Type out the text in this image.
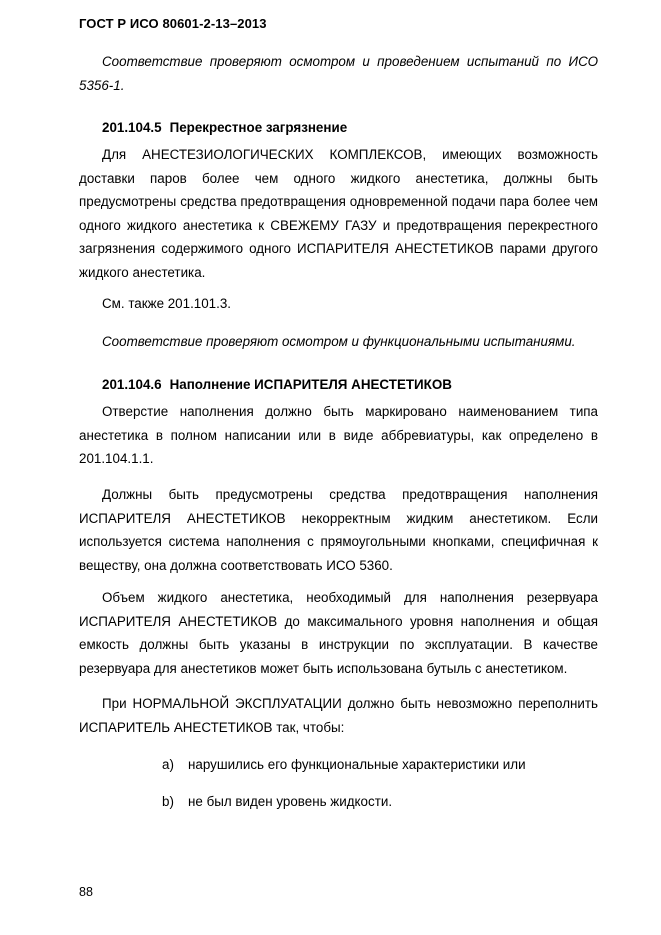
ГОСТ Р ИСО 80601-2-13–2013

Соответствие проверяют осмотром и проведением испытаний по ИСО 5356-1.

201.104.5 Перекрестное загрязнение

Для АНЕСТЕЗИОЛОГИЧЕСКИХ КОМПЛЕКСОВ, имеющих возможность доставки паров более чем одного жидкого анестетика, должны быть предусмотрены средства предотвращения одновременной подачи пара более чем одного жидкого анестетика к СВЕЖЕМУ ГАЗУ и предотвращения перекрестного загрязнения содержимого одного ИСПАРИТЕЛЯ АНЕСТЕТИКОВ парами другого жидкого анестетика.

См. также 201.101.3.

Соответствие проверяют осмотром и функциональными испытаниями.

201.104.6 Наполнение ИСПАРИТЕЛЯ АНЕСТЕТИКОВ

Отверстие наполнения должно быть маркировано наименованием типа анестетика в полном написании или в виде аббревиатуры, как определено в 201.104.1.1.

Должны быть предусмотрены средства предотвращения наполнения ИСПАРИТЕЛЯ АНЕСТЕТИКОВ некорректным жидким анестетиком. Если используется система наполнения с прямоугольными кнопками, специфичная к веществу, она должна соответствовать ИСО 5360.

Объем жидкого анестетика, необходимый для наполнения резервуара ИСПАРИТЕЛЯ АНЕСТЕТИКОВ до максимального уровня наполнения и общая емкость должны быть указаны в инструкции по эксплуатации. В качестве резервуара для анестетиков может быть использована бутыль с анестетиком.

При НОРМАЛЬНОЙ ЭКСПЛУАТАЦИИ должно быть невозможно переполнить ИСПАРИТЕЛЬ АНЕСТЕТИКОВ так, чтобы:

a) нарушились его функциональные характеристики или
b) не был виден уровень жидкости.
88
